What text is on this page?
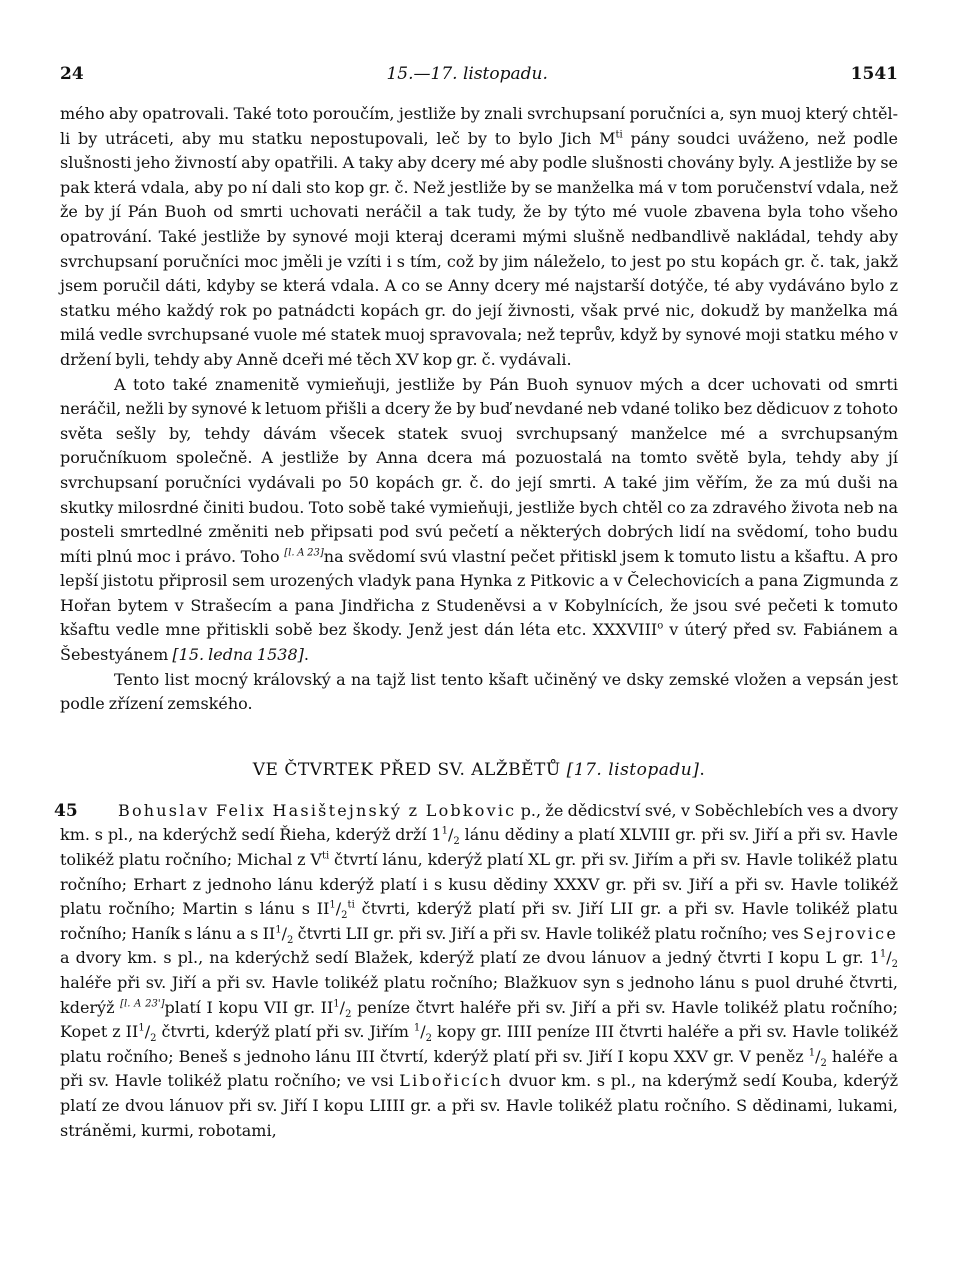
24	15.—17. listopadu.	1541

mého aby opatrovali. Také toto poroučím, jestliže by znali svrchupsaní poručníci a, syn muoj který chtěl-li by utráceti, aby mu statku nepostupovali, leč by to bylo Jich $M^{ti}$ pány soudci uváženo, než podle slušnosti jeho živností aby opatřili. A taky aby dcery mé aby podle slušnosti chovány byly. A jestliže by se pak která vdala, aby po ní dali sto kop gr. č. Než jestliže by se manželka má v tom poručenství vdala, než že by jí Pán Buoh od smrti uchovati neráčil a tak tudy, že by týto mé vuole zbavena byla toho všeho opatrování. Také jestliže by synové moji kteraj dcerami mými slušně nedbandlivě nakládal, tehdy aby svrchupsaní poručníci moc jměli je vzíti i s tím, což by jim náleželo, to jest po stu kopách gr. č. tak, jakž jsem poručil dáti, kdyby se která vdala. A co se Anny dcery mé najstarší dotýče, té aby vydáváno bylo z statku mého každý rok po patnádcti kopách gr. do její živnosti, však prvé nic, dokudž by manželka má milá vedle svrchupsané vuole mé statek muoj spravovala; než teprův, když by synové moji statku mého v držení byli, tehdy aby Anně dceři mé těch XV kop gr. č. vydávali.

A toto také znamenitě vymieňuji, jestliže by Pán Buoh synuov mých a dcer uchovati od smrti neráčil, nežli by synové k letuom přišli a dcery že by buď nevdané neb vdané toliko bez dědicuov z tohoto světa sešly by, tehdy dávám všecek statek svuoj svrchupsaný manželce mé a svrchupsaným poručníkuom společně. A jestliže by Anna dcera má pozuostalá na tomto světě byla, tehdy aby jí svrchupsaní poručníci vydávali po 50 kopách gr. č. do její smrti. A také jim věřím, že za mú duši na skutky milosrdné činiti budou. Toto sobě také vymieňuji, jestliže bych chtěl co za zdravého života neb na posteli smrtedlné změniti neb připsati pod svú pečetí a některých dobrých lidí na svědomí, toho budu míti plnú moc i právo. Toho [l. A 23]na svědomí svú vlastní pečet přitiskl jsem k tomuto listu a kšaftu. A pro lepší jistotu připrosil sem urozených vladyk pana Hynka z Pitkovic a v Čelechovicích a pana Zigmunda z Hořan bytem v Strašecím a pana Jindřicha z Studeněvsi a v Kobylnících, že jsou své pečeti k tomuto kšaftu vedle mne přitiskli sobě bez škody. Jenž jest dán léta etc. XXXVIII$^o$ v úterý před sv. Fabiánem a Šebestyánem [15. ledna 1538].

Tento list mocný královský a na tajž list tento kšaft učiněný ve dsky zemské vložen a vepsán jest podle zřízení zemského.

VE ČTVRTEK PŘED SV. ALŽBĚTŮ [17. listopadu].

45	Bohuslav Felix Hasištejnský z Lobkovic p., že dědicství své, v Soběchlebích ves a dvory km. s pl., na kderýchž sedí Řieha, kderýž drží $1^1/_2$ lánu dědiny a platí XLVIII gr. při sv. Jiří a při sv. Havle tolikéž platu ročního; Michal z $V^{ti}$ čtvrtí lánu, kderýž platí XL gr. při sv. Jiřím a při sv. Havle tolikéž platu ročního; Erhart z jednoho lánu kderýž platí i s kusu dědiny XXXV gr. při sv. Jiří a při sv. Havle tolikéž platu ročního; Martin s lánu s $II^1/_2^{ti}$ čtvrti, kderýž platí při sv. Jiří LII gr. a při sv. Havle tolikéž platu ročního; Haník s lánu a s $II^1/_2$ čtvrti LII gr. při sv. Jiří a při sv. Havle tolikéž platu ročního; ves Sejrovice a dvory km. s pl., na kderýchž sedí Blažek, kderýž platí ze dvou lánuov a jedný čtvrti I kopu L gr. $1^1/_2$ haléře při sv. Jiří a při sv. Havle tolikéž platu ročního; Blažkuov syn s jednoho lánu s puol druhé čtvrti, kderýž [l. A 23']platí I kopu VII gr. $II^1/_2$ peníze čtvrt haléře při sv. Jiří a při sv. Havle tolikéž platu ročního; Kopet z $II^1/_2$ čtvrti, kderýž platí při sv. Jiřím $^1/_2$ kopy gr. IIII peníze III čtvrti haléře a při sv. Havle tolikéž platu ročního; Beneš s jednoho lánu III čtvrtí, kderýž platí při sv. Jiří I kopu XXV gr. V peněz $^1/_2$ haléře a při sv. Havle tolikéž platu ročního; ve vsi Libořicích dvuor km. s pl., na kderýmž sedí Kouba, kderýž platí ze dvou lánuov při sv. Jiří I kopu LIIII gr. a při sv. Havle tolikéž platu ročního. S dědinami, lukami, stráněmi, kurmi, robotami,
